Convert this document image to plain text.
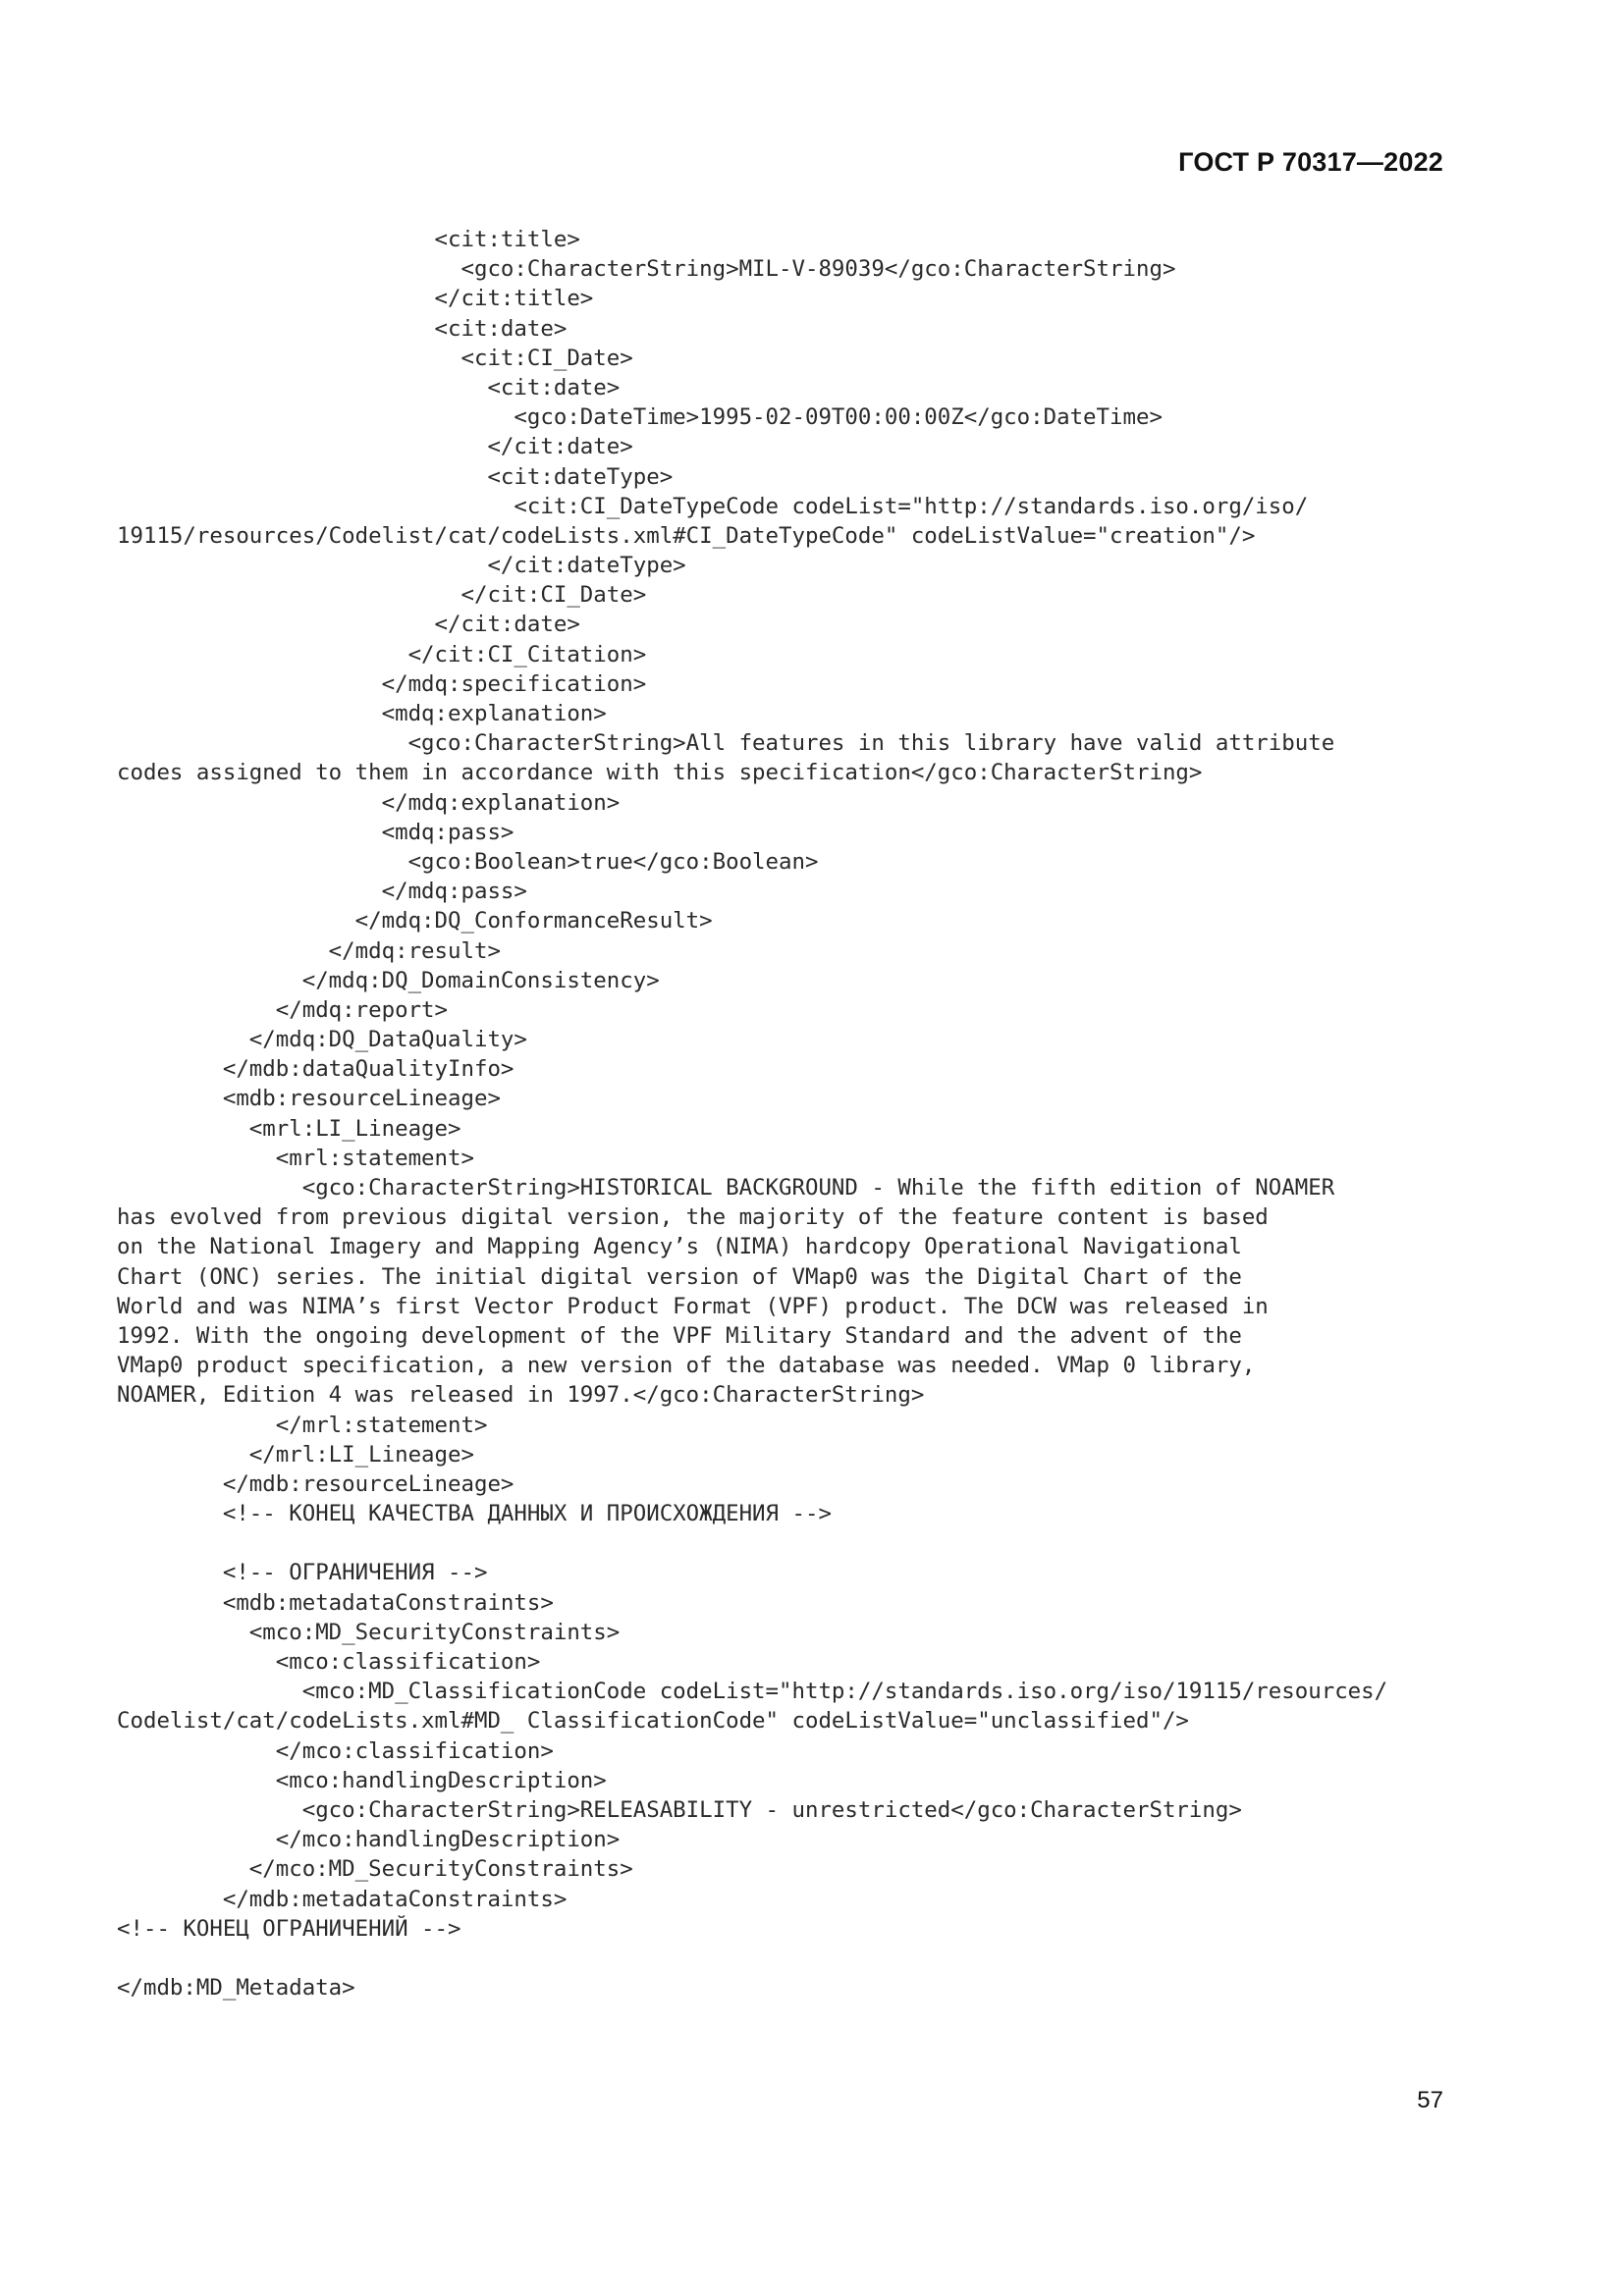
ГОСТ Р 70317—2022
<cit:title>
<gco:CharacterString>MIL-V-89039</gco:CharacterString>
</cit:title>
<cit:date>
<cit:CI_Date>
<cit:date>
<gco:DateTime>1995-02-09T00:00:00Z</gco:DateTime>
</cit:date>
<cit:dateType>
<cit:CI_DateTypeCode codeList="http://standards.iso.org/iso/
19115/resources/Codelist/cat/codeLists.xml#CI_DateTypeCode" codeListValue="creation"/>
</cit:dateType>
</cit:CI_Date>
</cit:date>
</cit:CI_Citation>
</mdq:specification>
<mdq:explanation>
<gco:CharacterString>All features in this library have valid attribute
codes assigned to them in accordance with this specification</gco:CharacterString>
</mdq:explanation>
<mdq:pass>
<gco:Boolean>true</gco:Boolean>
</mdq:pass>
</mdq:DQ_ConformanceResult>
</mdq:result>
</mdq:DQ_DomainConsistency>
</mdq:report>
</mdq:DQ_DataQuality>
</mdb:dataQualityInfo>
<mdb:resourceLineage>
<mrl:LI_Lineage>
<mrl:statement>
<gco:CharacterString>HISTORICAL BACKGROUND - While the fifth edition of NOAMER
has evolved from previous digital version, the majority of the feature content is based
on the National Imagery and Mapping Agency’s (NIMA) hardcopy Operational Navigational
Chart (ONC) series. The initial digital version of VMap0 was the Digital Chart of the
World and was NIMA’s first Vector Product Format (VPF) product. The DCW was released in
1992. With the ongoing development of the VPF Military Standard and the advent of the
VMap0 product specification, a new version of the database was needed. VMap 0 library,
NOAMER, Edition 4 was released in 1997.</gco:CharacterString>
</mrl:statement>
</mrl:LI_Lineage>
</mdb:resourceLineage>
<!-- КОНЕЦ КАЧЕСТВА ДАННЫХ И ПРОИСХОЖДЕНИЯ -->
<!-- ОГРАНИЧЕНИЯ -->
<mdb:metadataConstraints>
<mco:MD_SecurityConstraints>
<mco:classification>
<mco:MD_ClassificationCode codeList="http://standards.iso.org/iso/19115/resources/
Codelist/cat/codeLists.xml#MD_ ClassificationCode" codeListValue="unclassified"/>
</mco:classification>
<mco:handlingDescription>
<gco:CharacterString>RELEASABILITY - unrestricted</gco:CharacterString>
</mco:handlingDescription>
</mco:MD_SecurityConstraints>
</mdb:metadataConstraints>
<!-- КОНЕЦ ОГРАНИЧЕНИЙ -->
</mdb:MD_Metadata>
57
